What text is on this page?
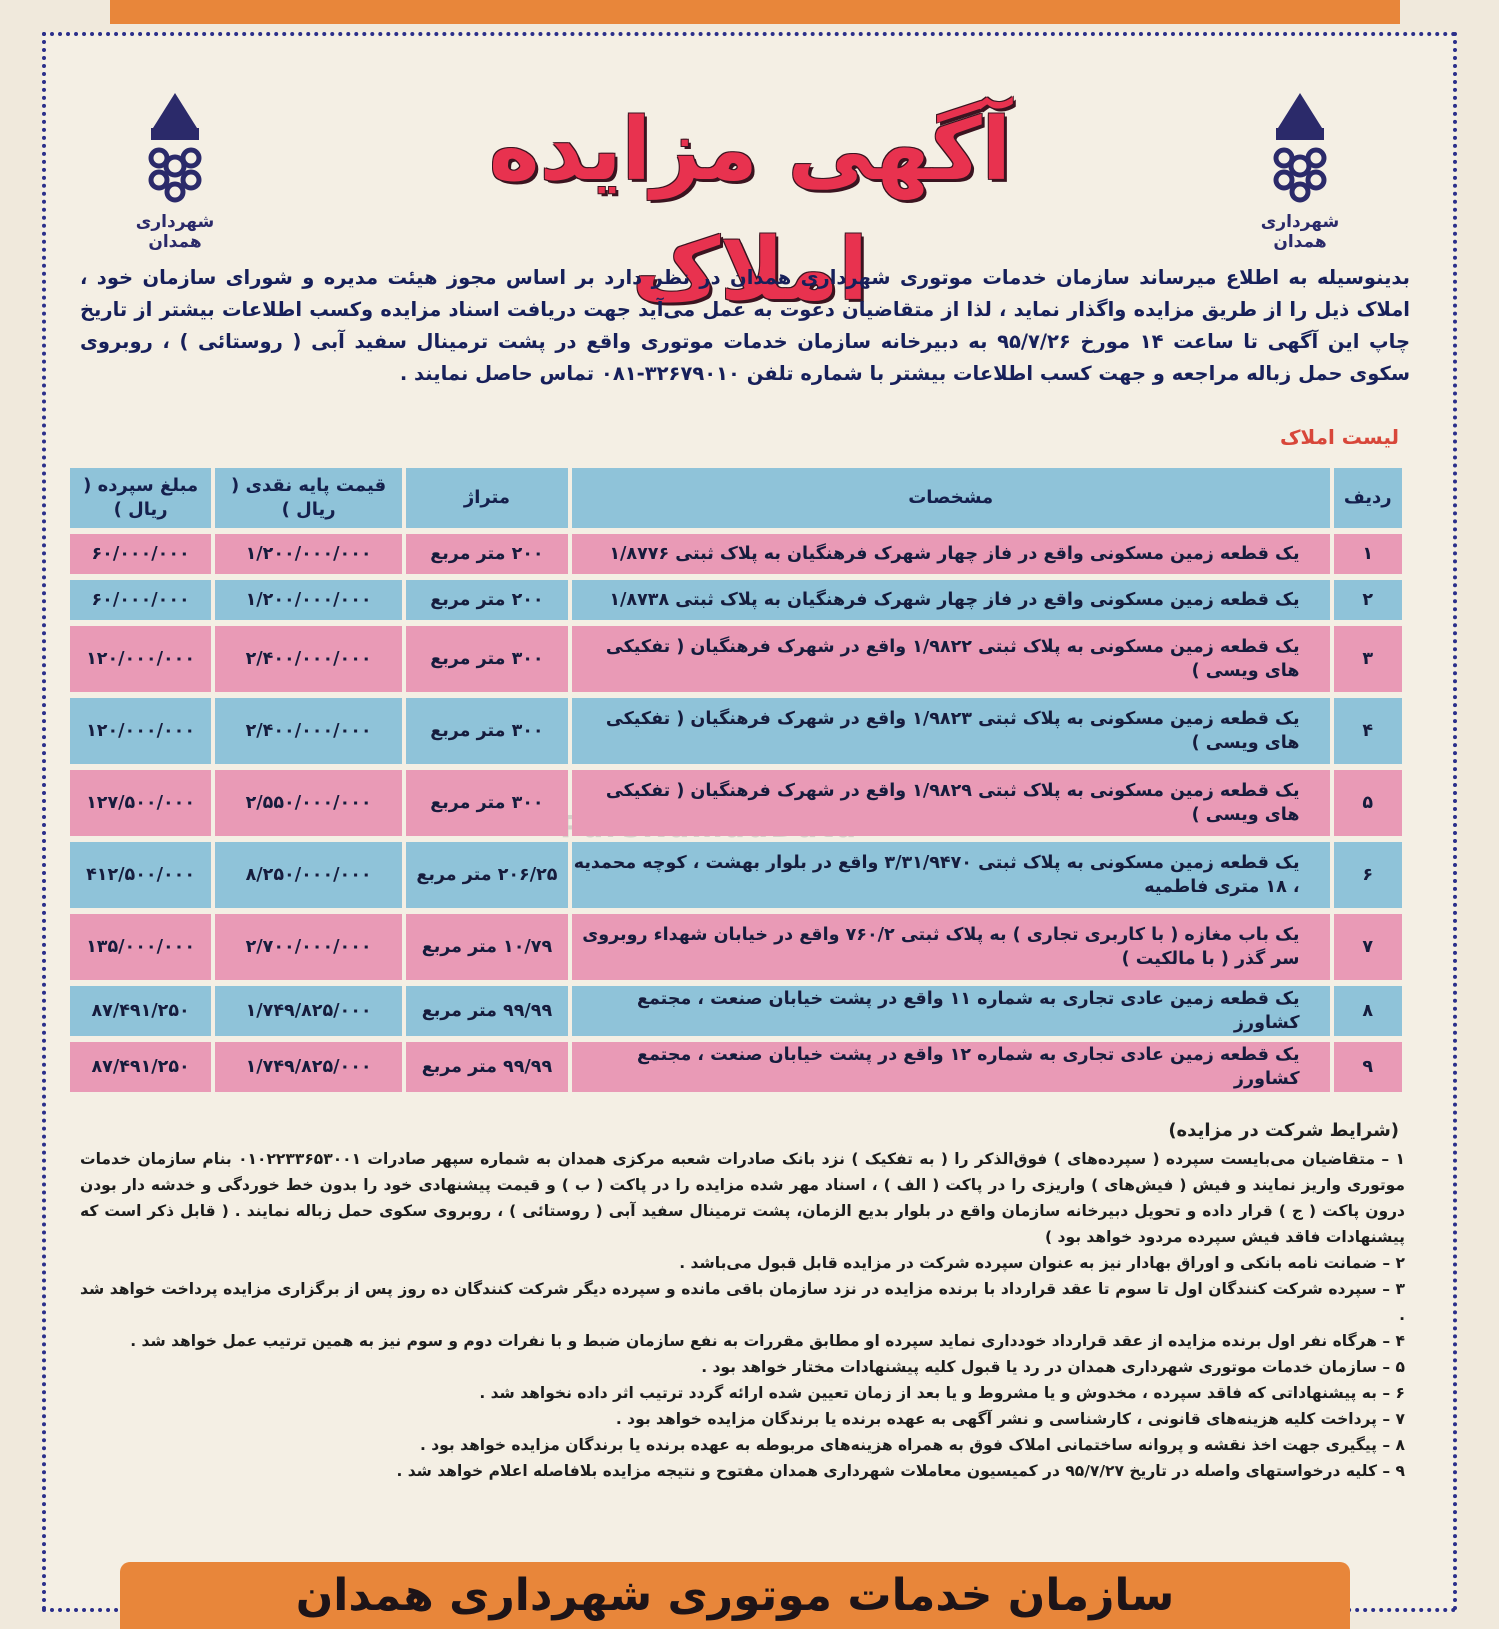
شهرداری همدان
شهرداری همدان
آگهی مزایده املاک
بدینوسیله به اطلاع میرساند سازمان خدمات موتوری شهرداری همدان در نظر دارد بر اساس مجوز هیئت مدیره و شورای سازمان خود ، املاک ذیل را از طریق مزایده واگذار نماید ، لذا از متقاضیان دعوت به عمل می‌آید جهت دریافت اسناد مزایده وکسب اطلاعات بیشتر از تاریخ چاپ این آگهی تا ساعت ۱۴ مورخ ۹۵/۷/۲۶ به دبیرخانه سازمان خدمات موتوری واقع در پشت ترمینال سفید آبی ( روستائی ) ، روبروی سکوی حمل زباله مراجعه و جهت کسب اطلاعات بیشتر با شماره تلفن ۳۲۶۷۹۰۱۰-۰۸۱ تماس حاصل نمایند .
لیست املاک
ردیف	مشخصات	متراژ	قیمت پایه نقدی ( ریال )	مبلغ سپرده ( ریال )
۱	یک قطعه زمین مسکونی واقع در فاز چهار شهرک فرهنگیان به پلاک ثبتی ۱/۸۷۷۶	۲۰۰ متر مربع	۱/۲۰۰/۰۰۰/۰۰۰	۶۰/۰۰۰/۰۰۰
۲	یک قطعه زمین مسکونی واقع در فاز چهار شهرک فرهنگیان به پلاک ثبتی ۱/۸۷۳۸	۲۰۰ متر مربع	۱/۲۰۰/۰۰۰/۰۰۰	۶۰/۰۰۰/۰۰۰
۳	یک قطعه زمین مسکونی به پلاک ثبتی ۱/۹۸۲۲ واقع در شهرک فرهنگیان ( تفکیکی های ویسی )	۳۰۰ متر مربع	۲/۴۰۰/۰۰۰/۰۰۰	۱۲۰/۰۰۰/۰۰۰
۴	یک قطعه زمین مسکونی به پلاک ثبتی ۱/۹۸۲۳ واقع در شهرک فرهنگیان ( تفکیکی های ویسی )	۳۰۰ متر مربع	۲/۴۰۰/۰۰۰/۰۰۰	۱۲۰/۰۰۰/۰۰۰
۵	یک قطعه زمین مسکونی به پلاک ثبتی ۱/۹۸۲۹ واقع در شهرک فرهنگیان ( تفکیکی های ویسی )	۳۰۰ متر مربع	۲/۵۵۰/۰۰۰/۰۰۰	۱۲۷/۵۰۰/۰۰۰
۶	یک قطعه زمین مسکونی به پلاک ثبتی ۳/۳۱/۹۴۷۰ واقع در بلوار بهشت ، کوچه محمدیه ، ۱۸ متری فاطمیه	۲۰۶/۲۵ متر مربع	۸/۲۵۰/۰۰۰/۰۰۰	۴۱۲/۵۰۰/۰۰۰
۷	یک باب مغازه ( با کاربری تجاری ) به پلاک ثبتی ۷۶۰/۲ واقع در خیابان شهداء روبروی سر گذر ( با مالکیت )	۱۰/۷۹ متر مربع	۲/۷۰۰/۰۰۰/۰۰۰	۱۳۵/۰۰۰/۰۰۰
۸	یک قطعه زمین عادی تجاری به شماره ۱۱ واقع در پشت خیابان صنعت ، مجتمع کشاورز	۹۹/۹۹ متر مربع	۱/۷۴۹/۸۲۵/۰۰۰	۸۷/۴۹۱/۲۵۰
۹	یک قطعه زمین عادی تجاری به شماره ۱۲ واقع در پشت خیابان صنعت ، مجتمع کشاورز	۹۹/۹۹ متر مربع	۱/۷۴۹/۸۲۵/۰۰۰	۸۷/۴۹۱/۲۵۰
(شرایط شرکت در مزایده)

۱ – متقاضیان می‌بایست سپرده ( سپرده‌های ) فوق‌الذکر را ( به تفکیک ) نزد بانک صادرات شعبه مرکزی همدان به شماره سپهر صادرات ۰۱۰۲۲۳۳۶۵۳۰۰۱ بنام سازمان خدمات موتوری واریز نمایند و فیش ( فیش‌های ) واریزی را در پاکت ( الف ) ، اسناد مهر شده مزایده را در پاکت ( ب ) و قیمت پیشنهادی خود را بدون خط خوردگی و خدشه دار بودن درون پاکت ( ج ) قرار داده و تحویل دبیرخانه سازمان واقع در بلوار بدیع الزمان، پشت ترمینال سفید آبی ( روستائی ) ، روبروی سکوی حمل زباله نمایند . ( قابل ذکر است که پیشنهادات فاقد فیش سپرده مردود خواهد بود )

۲ – ضمانت نامه بانکی و اوراق بهادار نیز به عنوان سپرده شرکت در مزایده قابل قبول می‌باشد .

۳ – سپرده شرکت کنندگان اول تا سوم تا عقد قرارداد با برنده مزایده در نزد سازمان باقی مانده و سپرده دیگر شرکت کنندگان ده روز پس از برگزاری مزایده پرداخت خواهد شد .

۴ – هرگاه نفر اول برنده مزایده از عقد قرارداد خودداری نماید سپرده او مطابق مقررات به نفع سازمان ضبط و با نفرات دوم و سوم نیز به همین ترتیب عمل خواهد شد .

۵ – سازمان خدمات موتوری شهرداری همدان در رد یا قبول کلیه پیشنهادات مختار خواهد بود .

۶ – به پیشنهاداتی که فاقد سپرده ، مخدوش و یا مشروط و یا بعد از زمان تعیین شده ارائه گردد ترتیب اثر داده نخواهد شد .

۷ – پرداخت کلیه هزینه‌های قانونی ، کارشناسی و نشر آگهی به عهده برنده یا برندگان مزایده خواهد بود .

۸ – پیگیری جهت اخذ نقشه و پروانه ساختمانی املاک فوق به همراه هزینه‌های مربوطه به عهده برنده یا برندگان مزایده خواهد بود .

۹ – کلیه درخواستهای واصله در تاریخ ۹۵/۷/۲۷ در کمیسیون معاملات شهرداری همدان مفتوح و نتیجه مزایده بلافاصله اعلام خواهد شد .

سازمان خدمات موتوری شهرداری همدان
